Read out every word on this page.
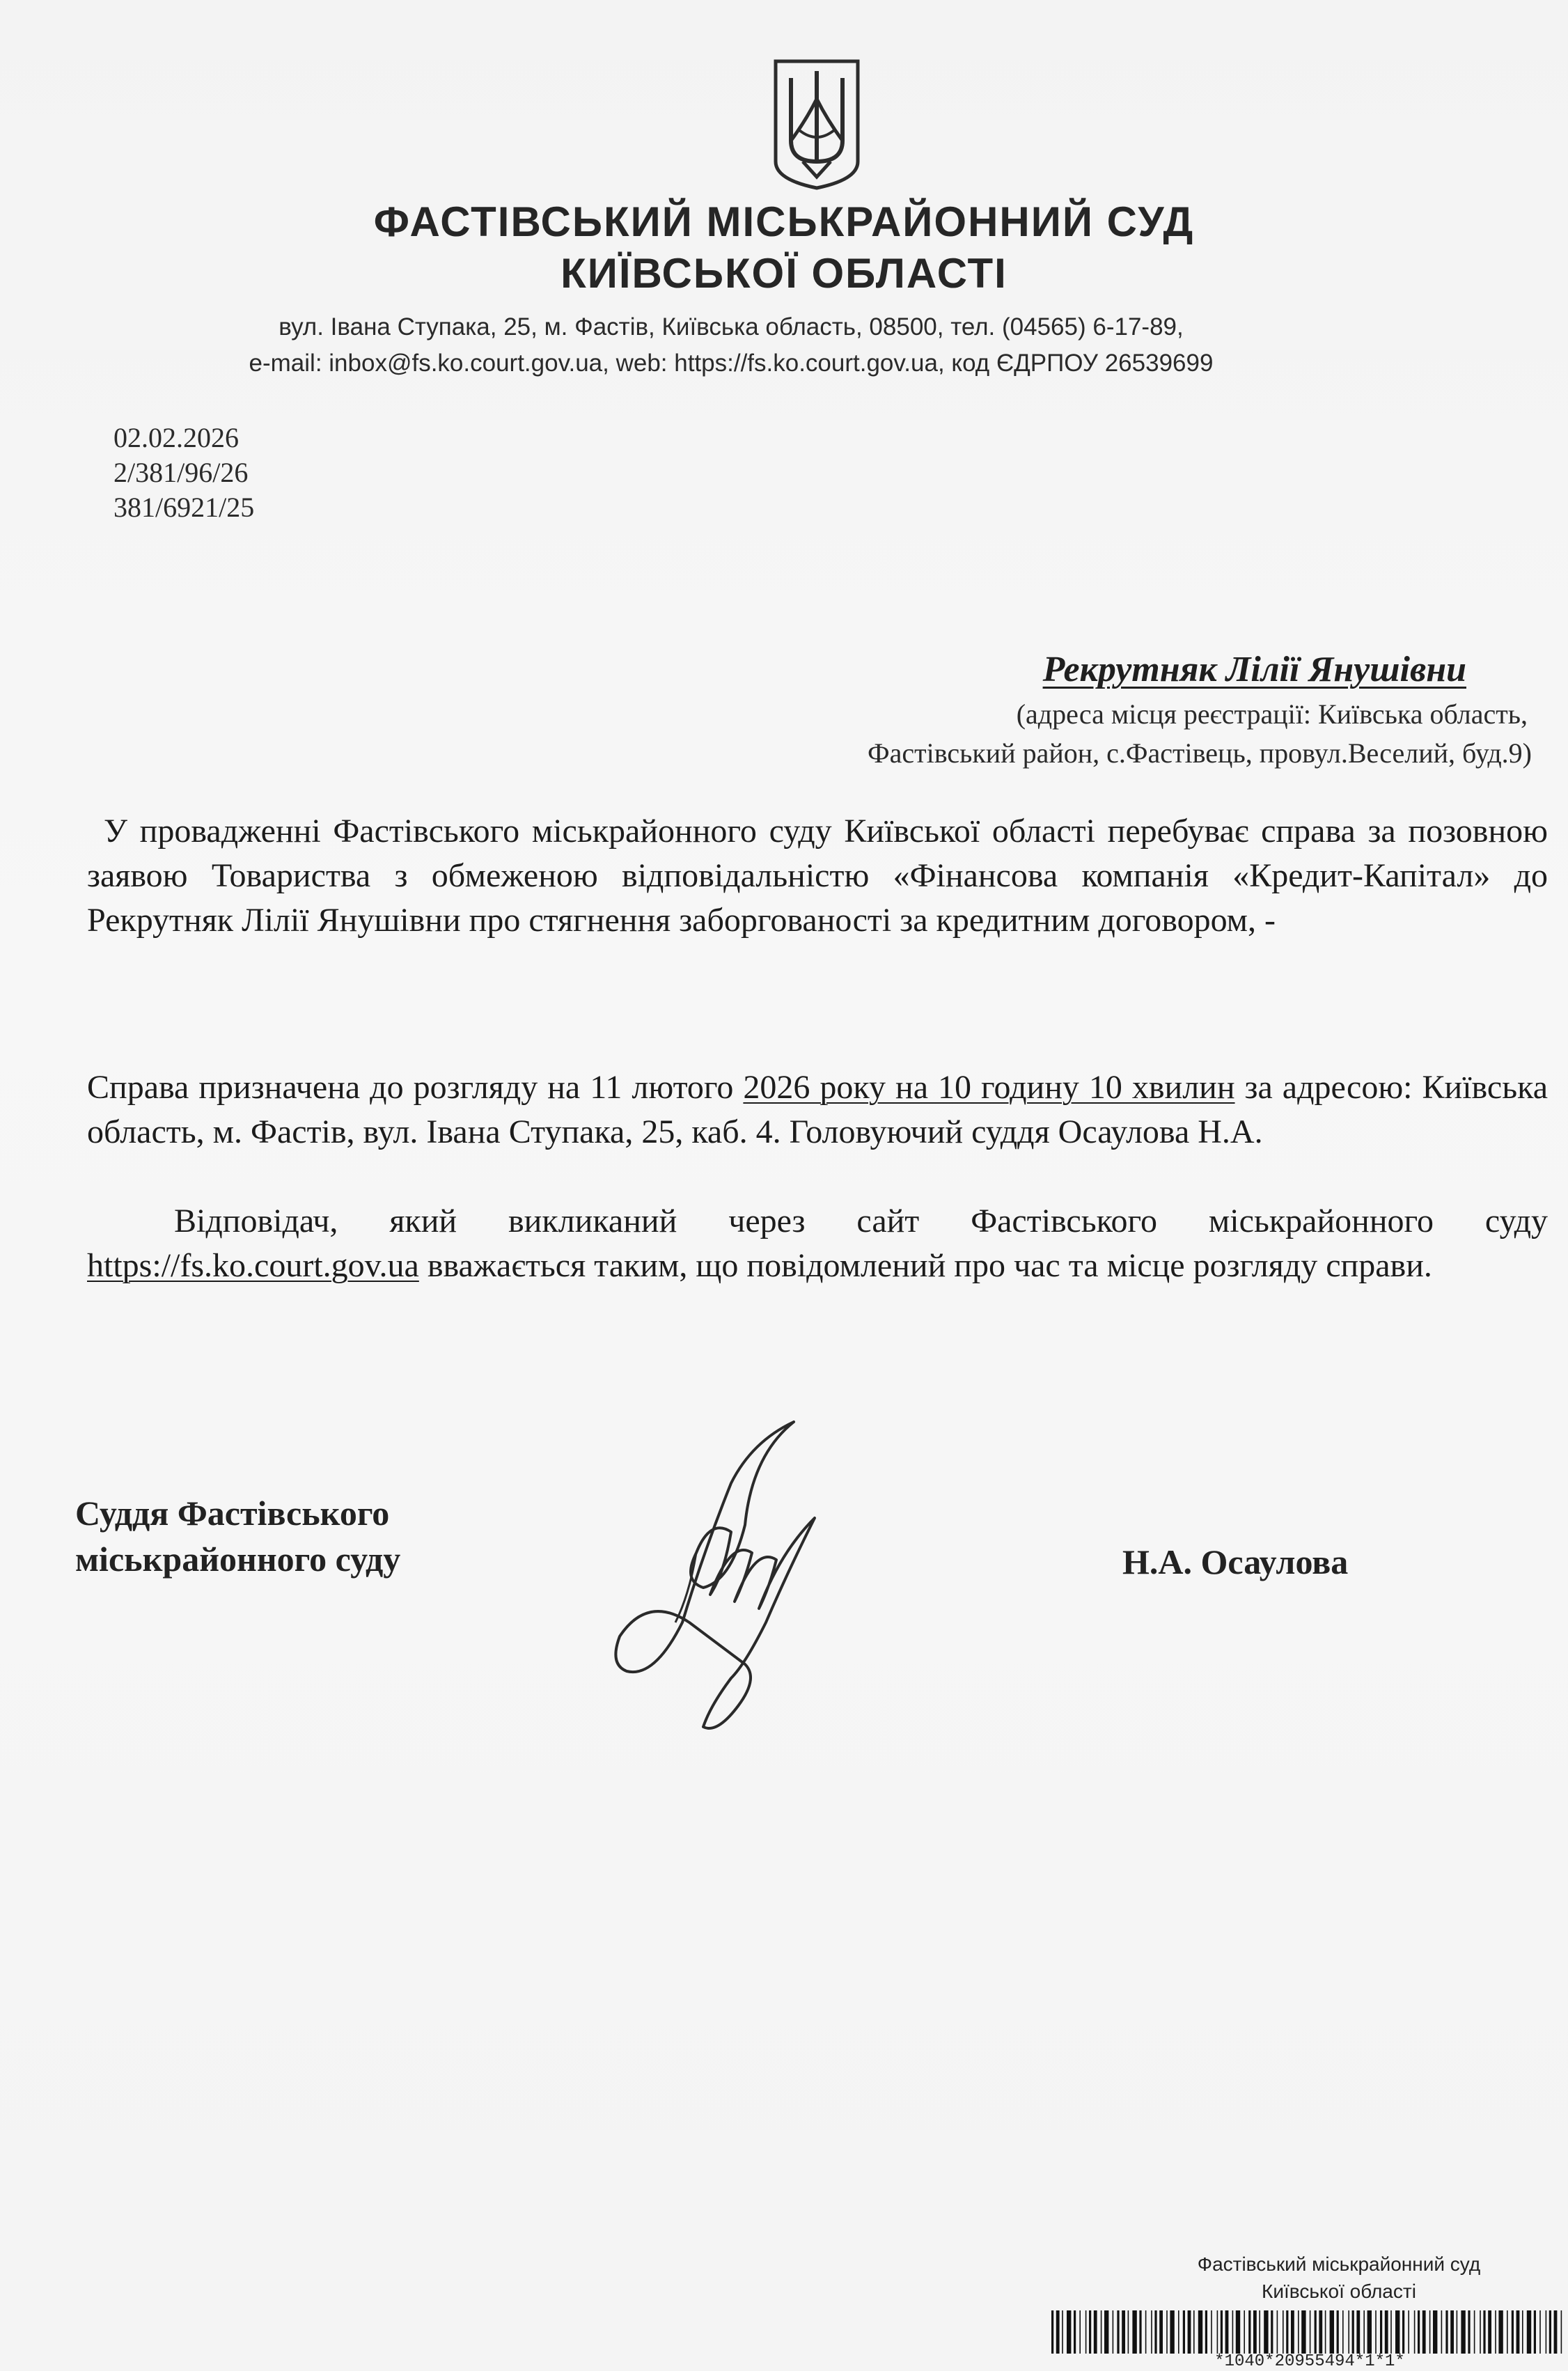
ФАСТІВСЬКИЙ МІСЬКРАЙОННИЙ СУД
КИЇВСЬКОЇ ОБЛАСТІ
вул. Івана Ступака, 25, м. Фастів, Київська область, 08500, тел. (04565) 6-17-89,
e-mail: inbox@fs.ko.court.gov.ua, web: https://fs.ko.court.gov.ua, код ЄДРПОУ 26539699
02.02.2026
2/381/96/26
381/6921/25
Рекрутняк Лілії Янушівни
(адреса місця реєстрації: Київська область,
Фастівський район, с.Фастівець, провул.Веселий, буд.9)
У провадженні Фастівського міськрайонного суду Київської області перебуває справа за позовною заявою Товариства з обмеженою відповідальністю «Фінансова компанія «Кредит-Капітал» до Рекрутняк Лілії Янушівни про стягнення заборгованості за кредитним договором, -
Справа призначена до розгляду на 11 лютого 2026 року на 10 годину 10 хвилин за адресою: Київська область, м. Фастів, вул. Івана Ступака, 25, каб. 4. Головуючий суддя Осаулова Н.А.
Відповідач, який викликаний через сайт Фастівського міськрайонного суду https://fs.ko.court.gov.ua вважається таким, що повідомлений про час та місце розгляду справи.
Суддя Фастівського
міськрайонного суду	Н.А. Осаулова
Фастівський міськрайонний суд
Київської області
*1040*20955494*1*1*
